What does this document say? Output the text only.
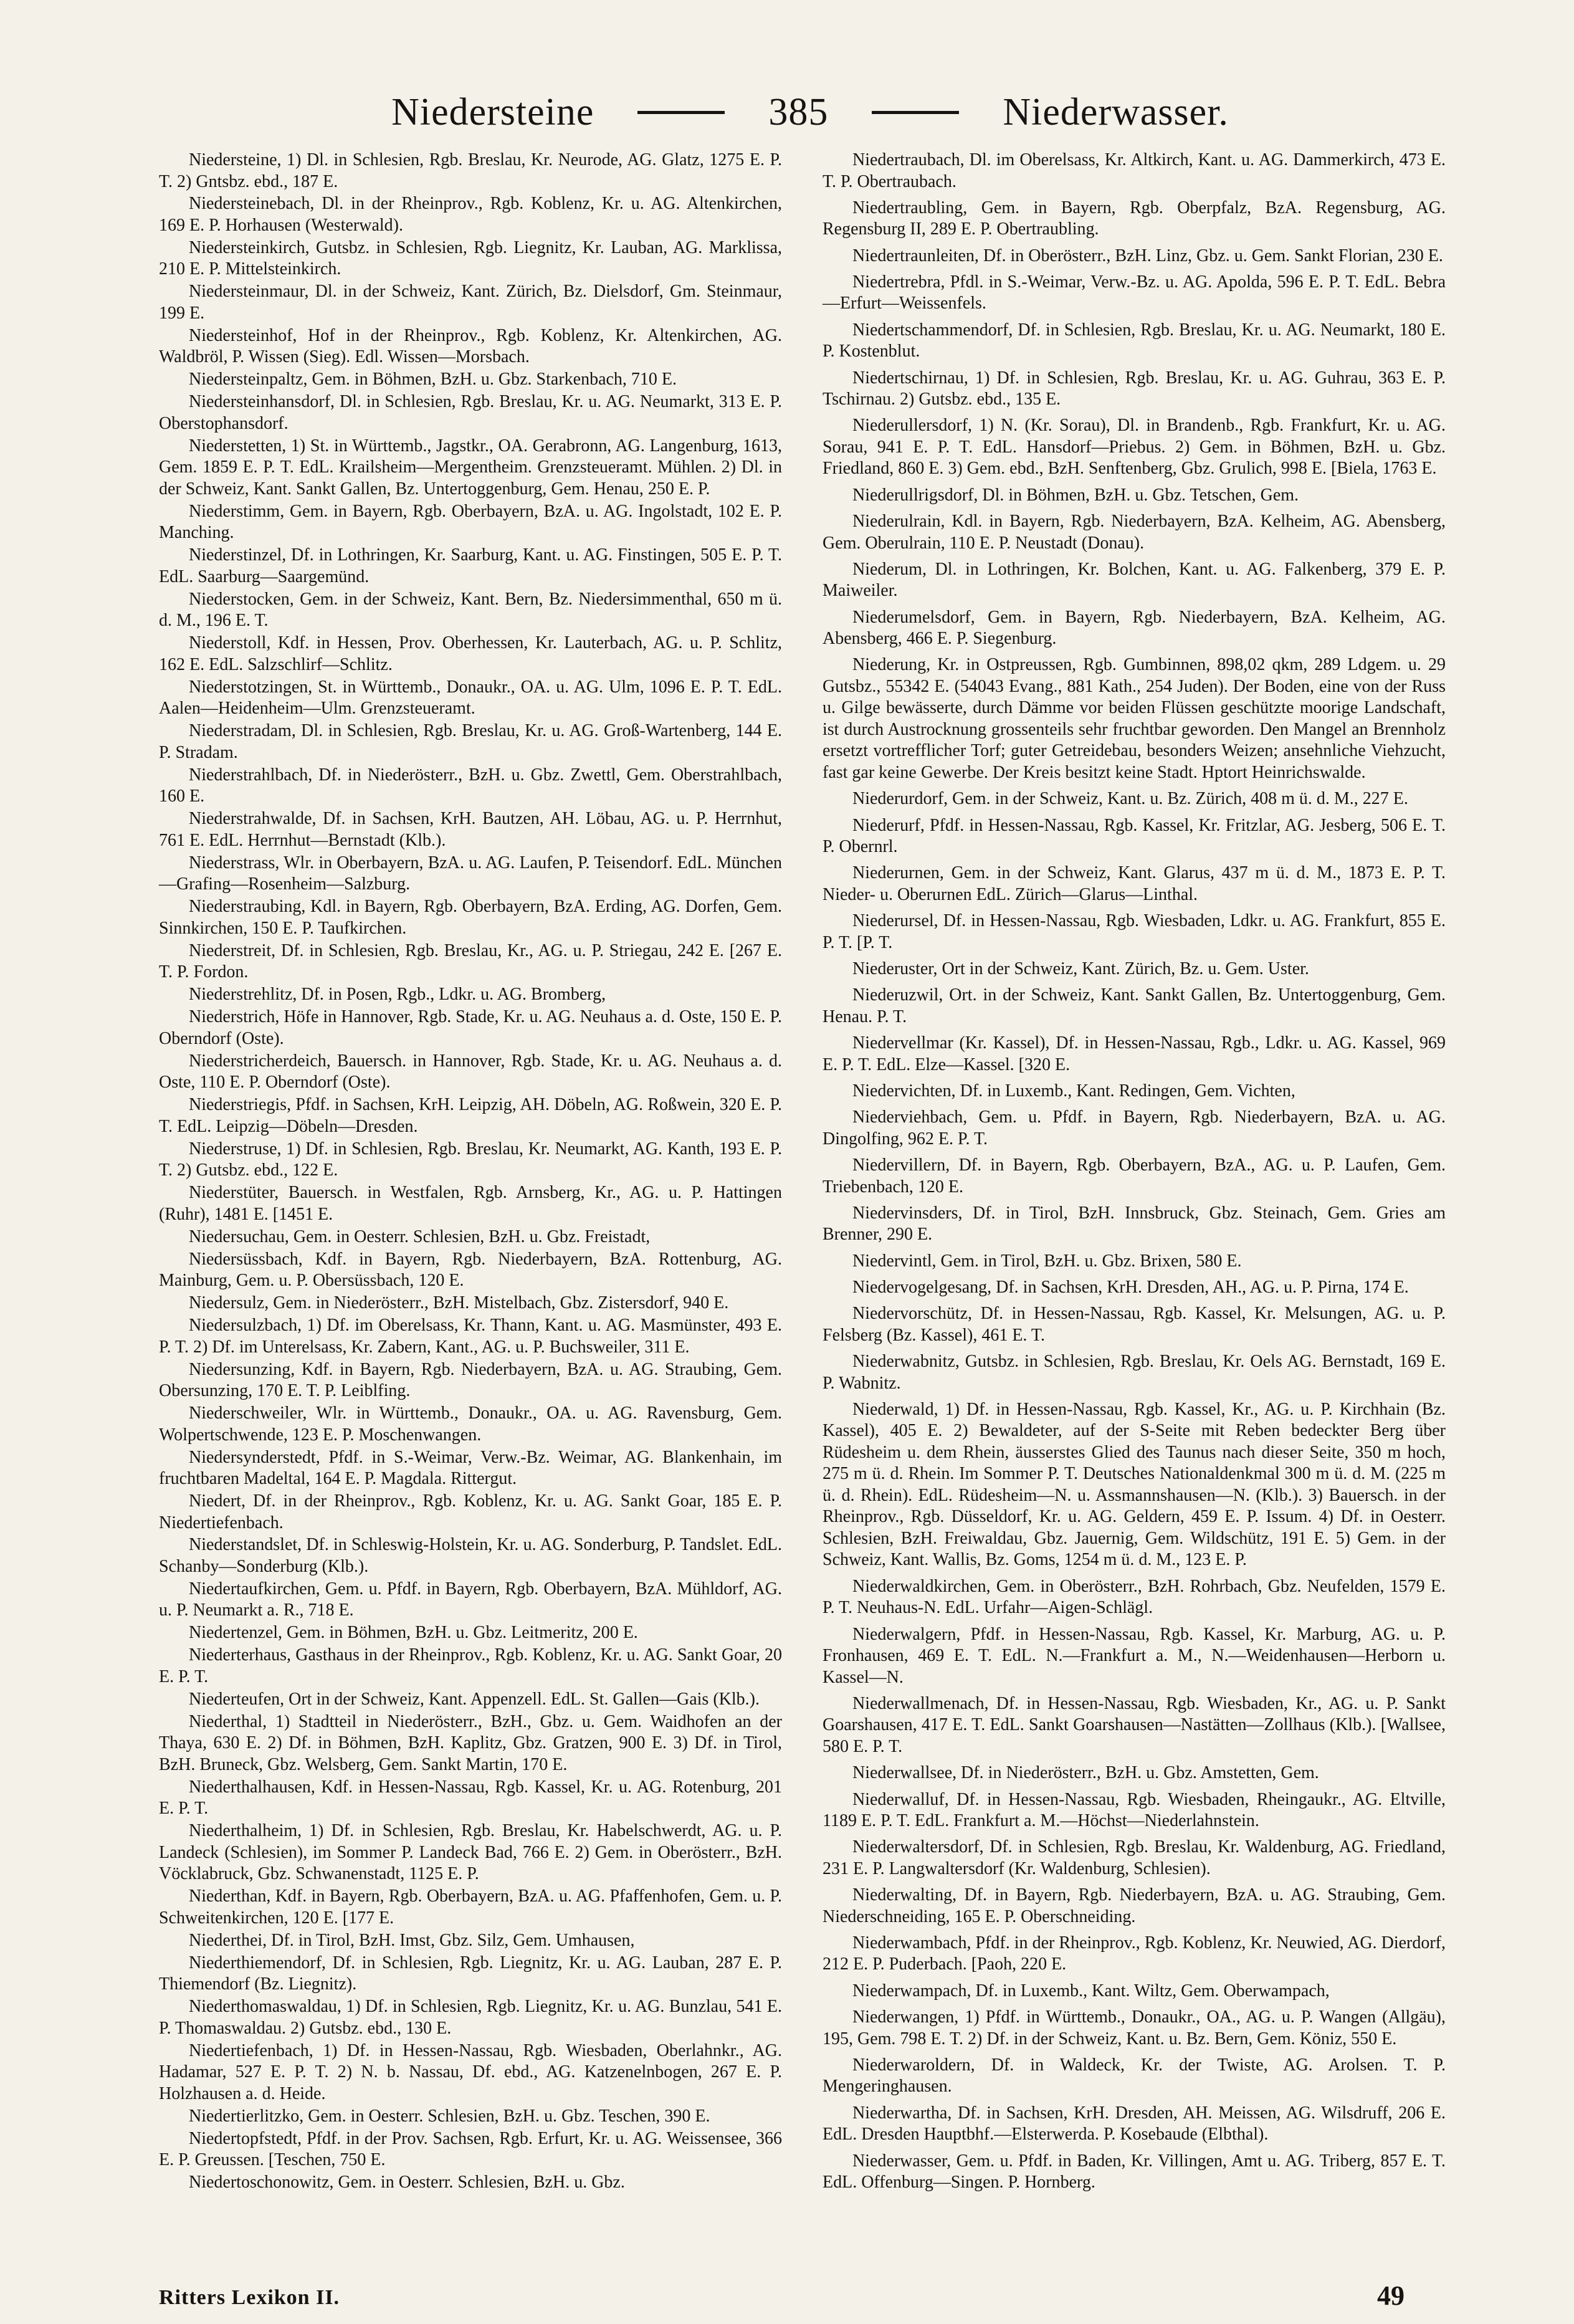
Niedersteine	385	Niederwasser.

Niedersteine, 1) Dl. in Schlesien, Rgb. Breslau, Kr. Neurode, AG. Glatz, 1275 E. P. T. 2) Gntsbz. ebd., 187 E.

Niedersteinebach, Dl. in der Rheinprov., Rgb. Koblenz, Kr. u. AG. Altenkirchen, 169 E. P. Horhausen (Westerwald).

Niedersteinkirch, Gutsbz. in Schlesien, Rgb. Liegnitz, Kr. Lauban, AG. Marklissa, 210 E. P. Mittelsteinkirch.

Niedersteinmaur, Dl. in der Schweiz, Kant. Zürich, Bz. Dielsdorf, Gm. Steinmaur, 199 E.

Niedersteinhof, Hof in der Rheinprov., Rgb. Koblenz, Kr. Altenkirchen, AG. Waldbröl, P. Wissen (Sieg). Edl. Wissen—Morsbach.

Niedersteinpaltz, Gem. in Böhmen, BzH. u. Gbz. Starkenbach, 710 E.

Niedersteinhansdorf, Dl. in Schlesien, Rgb. Breslau, Kr. u. AG. Neumarkt, 313 E. P. Oberstophansdorf.

Niederstetten, 1) St. in Württemb., Jagstkr., OA. Gerabronn, AG. Langenburg, 1613, Gem. 1859 E. P. T. EdL. Krailsheim—Mergentheim. Grenzsteueramt. Mühlen. 2) Dl. in der Schweiz, Kant. Sankt Gallen, Bz. Untertoggenburg, Gem. Henau, 250 E. P.

Niederstimm, Gem. in Bayern, Rgb. Oberbayern, BzA. u. AG. Ingolstadt, 102 E. P. Manching.

Niederstinzel, Df. in Lothringen, Kr. Saarburg, Kant. u. AG. Finstingen, 505 E. P. T. EdL. Saarburg—Saargemünd.

Niederstocken, Gem. in der Schweiz, Kant. Bern, Bz. Niedersimmenthal, 650 m ü. d. M., 196 E. T.

Niederstoll, Kdf. in Hessen, Prov. Oberhessen, Kr. Lauterbach, AG. u. P. Schlitz, 162 E. EdL. Salzschlirf—Schlitz.

Niederstotzingen, St. in Württemb., Donaukr., OA. u. AG. Ulm, 1096 E. P. T. EdL. Aalen—Heidenheim—Ulm. Grenzsteueramt.

Niederstradam, Dl. in Schlesien, Rgb. Breslau, Kr. u. AG. Groß-Wartenberg, 144 E. P. Stradam.

Niederstrahlbach, Df. in Niederösterr., BzH. u. Gbz. Zwettl, Gem. Oberstrahlbach, 160 E.

Niederstrahwalde, Df. in Sachsen, KrH. Bautzen, AH. Löbau, AG. u. P. Herrnhut, 761 E. EdL. Herrnhut—Bernstadt (Klb.).

Niederstrass, Wlr. in Oberbayern, BzA. u. AG. Laufen, P. Teisendorf. EdL. München—Grafing—Rosenheim—Salzburg.

Niederstraubing, Kdl. in Bayern, Rgb. Oberbayern, BzA. Erding, AG. Dorfen, Gem. Sinnkirchen, 150 E. P. Taufkirchen.

Niederstreit, Df. in Schlesien, Rgb. Breslau, Kr., AG. u. P. Striegau, 242 E. [267 E. T. P. Fordon.

Niederstrehlitz, Df. in Posen, Rgb., Ldkr. u. AG. Bromberg,

Niederstrich, Höfe in Hannover, Rgb. Stade, Kr. u. AG. Neuhaus a. d. Oste, 150 E. P. Oberndorf (Oste).

Niederstricherdeich, Bauersch. in Hannover, Rgb. Stade, Kr. u. AG. Neuhaus a. d. Oste, 110 E. P. Oberndorf (Oste).

Niederstriegis, Pfdf. in Sachsen, KrH. Leipzig, AH. Döbeln, AG. Roßwein, 320 E. P. T. EdL. Leipzig—Döbeln—Dresden.

Niederstruse, 1) Df. in Schlesien, Rgb. Breslau, Kr. Neumarkt, AG. Kanth, 193 E. P. T. 2) Gutsbz. ebd., 122 E.

Niederstüter, Bauersch. in Westfalen, Rgb. Arnsberg, Kr., AG. u. P. Hattingen (Ruhr), 1481 E. [1451 E.

Niedersuchau, Gem. in Oesterr. Schlesien, BzH. u. Gbz. Freistadt,

Niedersüssbach, Kdf. in Bayern, Rgb. Niederbayern, BzA. Rottenburg, AG. Mainburg, Gem. u. P. Obersüssbach, 120 E.

Niedersulz, Gem. in Niederösterr., BzH. Mistelbach, Gbz. Zistersdorf, 940 E.

Niedersulzbach, 1) Df. im Oberelsass, Kr. Thann, Kant. u. AG. Masmünster, 493 E. P. T. 2) Df. im Unterelsass, Kr. Zabern, Kant., AG. u. P. Buchsweiler, 311 E.

Niedersunzing, Kdf. in Bayern, Rgb. Niederbayern, BzA. u. AG. Straubing, Gem. Obersunzing, 170 E. T. P. Leiblfing.

Niederschweiler, Wlr. in Württemb., Donaukr., OA. u. AG. Ravensburg, Gem. Wolpertschwende, 123 E. P. Moschenwangen.

Niedersynderstedt, Pfdf. in S.-Weimar, Verw.-Bz. Weimar, AG. Blankenhain, im fruchtbaren Madeltal, 164 E. P. Magdala. Rittergut.

Niedert, Df. in der Rheinprov., Rgb. Koblenz, Kr. u. AG. Sankt Goar, 185 E. P. Niedertiefenbach.

Niederstandslet, Df. in Schleswig-Holstein, Kr. u. AG. Sonderburg, P. Tandslet. EdL. Schanby—Sonderburg (Klb.).

Niedertaufkirchen, Gem. u. Pfdf. in Bayern, Rgb. Oberbayern, BzA. Mühldorf, AG. u. P. Neumarkt a. R., 718 E.

Niedertenzel, Gem. in Böhmen, BzH. u. Gbz. Leitmeritz, 200 E.

Niederterhaus, Gasthaus in der Rheinprov., Rgb. Koblenz, Kr. u. AG. Sankt Goar, 20 E. P. T.

Niederteufen, Ort in der Schweiz, Kant. Appenzell. EdL. St. Gallen—Gais (Klb.).

Niederthal, 1) Stadtteil in Niederösterr., BzH., Gbz. u. Gem. Waidhofen an der Thaya, 630 E. 2) Df. in Böhmen, BzH. Kaplitz, Gbz. Gratzen, 900 E. 3) Df. in Tirol, BzH. Bruneck, Gbz. Welsberg, Gem. Sankt Martin, 170 E.

Niederthalhausen, Kdf. in Hessen-Nassau, Rgb. Kassel, Kr. u. AG. Rotenburg, 201 E. P. T.

Niederthalheim, 1) Df. in Schlesien, Rgb. Breslau, Kr. Habelschwerdt, AG. u. P. Landeck (Schlesien), im Sommer P. Landeck Bad, 766 E. 2) Gem. in Oberösterr., BzH. Vöcklabruck, Gbz. Schwanenstadt, 1125 E. P.

Niederthan, Kdf. in Bayern, Rgb. Oberbayern, BzA. u. AG. Pfaffenhofen, Gem. u. P. Schweitenkirchen, 120 E. [177 E.

Niederthei, Df. in Tirol, BzH. Imst, Gbz. Silz, Gem. Umhausen,

Niederthiemendorf, Df. in Schlesien, Rgb. Liegnitz, Kr. u. AG. Lauban, 287 E. P. Thiemendorf (Bz. Liegnitz).

Niederthomaswaldau, 1) Df. in Schlesien, Rgb. Liegnitz, Kr. u. AG. Bunzlau, 541 E. P. Thomaswaldau. 2) Gutsbz. ebd., 130 E.

Niedertiefenbach, 1) Df. in Hessen-Nassau, Rgb. Wiesbaden, Oberlahnkr., AG. Hadamar, 527 E. P. T. 2) N. b. Nassau, Df. ebd., AG. Katzenelnbogen, 267 E. P. Holzhausen a. d. Heide.

Niedertierlitzko, Gem. in Oesterr. Schlesien, BzH. u. Gbz. Teschen, 390 E.

Niedertopfstedt, Pfdf. in der Prov. Sachsen, Rgb. Erfurt, Kr. u. AG. Weissensee, 366 E. P. Greussen. [Teschen, 750 E.

Niedertoschonowitz, Gem. in Oesterr. Schlesien, BzH. u. Gbz.

Niedertraubach, Dl. im Oberelsass, Kr. Altkirch, Kant. u. AG. Dammerkirch, 473 E. T. P. Obertraubach.

Niedertraubling, Gem. in Bayern, Rgb. Oberpfalz, BzA. Regensburg, AG. Regensburg II, 289 E. P. Obertraubling.

Niedertraunleiten, Df. in Oberösterr., BzH. Linz, Gbz. u. Gem. Sankt Florian, 230 E.

Niedertrebra, Pfdl. in S.-Weimar, Verw.-Bz. u. AG. Apolda, 596 E. P. T. EdL. Bebra—Erfurt—Weissenfels.

Niedertschammendorf, Df. in Schlesien, Rgb. Breslau, Kr. u. AG. Neumarkt, 180 E. P. Kostenblut.

Niedertschirnau, 1) Df. in Schlesien, Rgb. Breslau, Kr. u. AG. Guhrau, 363 E. P. Tschirnau. 2) Gutsbz. ebd., 135 E.

Niederullersdorf, 1) N. (Kr. Sorau), Dl. in Brandenb., Rgb. Frankfurt, Kr. u. AG. Sorau, 941 E. P. T. EdL. Hansdorf—Priebus. 2) Gem. in Böhmen, BzH. u. Gbz. Friedland, 860 E. 3) Gem. ebd., BzH. Senftenberg, Gbz. Grulich, 998 E. [Biela, 1763 E.

Niederullrigsdorf, Dl. in Böhmen, BzH. u. Gbz. Tetschen, Gem.

Niederulrain, Kdl. in Bayern, Rgb. Niederbayern, BzA. Kelheim, AG. Abensberg, Gem. Oberulrain, 110 E. P. Neustadt (Donau).

Niederum, Dl. in Lothringen, Kr. Bolchen, Kant. u. AG. Falkenberg, 379 E. P. Maiweiler.

Niederumelsdorf, Gem. in Bayern, Rgb. Niederbayern, BzA. Kelheim, AG. Abensberg, 466 E. P. Siegenburg.

Niederung, Kr. in Ostpreussen, Rgb. Gumbinnen, 898,02 qkm, 289 Ldgem. u. 29 Gutsbz., 55342 E. (54043 Evang., 881 Kath., 254 Juden). Der Boden, eine von der Russ u. Gilge bewässerte, durch Dämme vor beiden Flüssen geschützte moorige Landschaft, ist durch Austrocknung grossenteils sehr fruchtbar geworden. Den Mangel an Brennholz ersetzt vortrefflicher Torf; guter Getreidebau, besonders Weizen; ansehnliche Viehzucht, fast gar keine Gewerbe. Der Kreis besitzt keine Stadt. Hptort Heinrichswalde.

Niederurdorf, Gem. in der Schweiz, Kant. u. Bz. Zürich, 408 m ü. d. M., 227 E.

Niederurf, Pfdf. in Hessen-Nassau, Rgb. Kassel, Kr. Fritzlar, AG. Jesberg, 506 E. T. P. Obernrl.

Niederurnen, Gem. in der Schweiz, Kant. Glarus, 437 m ü. d. M., 1873 E. P. T. Nieder- u. Oberurnen EdL. Zürich—Glarus—Linthal.

Niederursel, Df. in Hessen-Nassau, Rgb. Wiesbaden, Ldkr. u. AG. Frankfurt, 855 E. P. T. [P. T.

Niederuster, Ort in der Schweiz, Kant. Zürich, Bz. u. Gem. Uster.

Niederuzwil, Ort. in der Schweiz, Kant. Sankt Gallen, Bz. Untertoggenburg, Gem. Henau. P. T.

Niedervellmar (Kr. Kassel), Df. in Hessen-Nassau, Rgb., Ldkr. u. AG. Kassel, 969 E. P. T. EdL. Elze—Kassel. [320 E.

Niedervichten, Df. in Luxemb., Kant. Redingen, Gem. Vichten,

Niederviehbach, Gem. u. Pfdf. in Bayern, Rgb. Niederbayern, BzA. u. AG. Dingolfing, 962 E. P. T.

Niedervillern, Df. in Bayern, Rgb. Oberbayern, BzA., AG. u. P. Laufen, Gem. Triebenbach, 120 E.

Niedervinsders, Df. in Tirol, BzH. Innsbruck, Gbz. Steinach, Gem. Gries am Brenner, 290 E.

Niedervintl, Gem. in Tirol, BzH. u. Gbz. Brixen, 580 E.

Niedervogelgesang, Df. in Sachsen, KrH. Dresden, AH., AG. u. P. Pirna, 174 E.

Niedervorschütz, Df. in Hessen-Nassau, Rgb. Kassel, Kr. Melsungen, AG. u. P. Felsberg (Bz. Kassel), 461 E. T.

Niederwabnitz, Gutsbz. in Schlesien, Rgb. Breslau, Kr. Oels AG. Bernstadt, 169 E. P. Wabnitz.

Niederwald, 1) Df. in Hessen-Nassau, Rgb. Kassel, Kr., AG. u. P. Kirchhain (Bz. Kassel), 405 E. 2) Bewaldeter, auf der S-Seite mit Reben bedeckter Berg über Rüdesheim u. dem Rhein, äusserstes Glied des Taunus nach dieser Seite, 350 m hoch, 275 m ü. d. Rhein. Im Sommer P. T. Deutsches Nationaldenkmal 300 m ü. d. M. (225 m ü. d. Rhein). EdL. Rüdesheim—N. u. Assmannshausen—N. (Klb.). 3) Bauersch. in der Rheinprov., Rgb. Düsseldorf, Kr. u. AG. Geldern, 459 E. P. Issum. 4) Df. in Oesterr. Schlesien, BzH. Freiwaldau, Gbz. Jauernig, Gem. Wildschütz, 191 E. 5) Gem. in der Schweiz, Kant. Wallis, Bz. Goms, 1254 m ü. d. M., 123 E. P.

Niederwaldkirchen, Gem. in Oberösterr., BzH. Rohrbach, Gbz. Neufelden, 1579 E. P. T. Neuhaus-N. EdL. Urfahr—Aigen-Schlägl.

Niederwalgern, Pfdf. in Hessen-Nassau, Rgb. Kassel, Kr. Marburg, AG. u. P. Fronhausen, 469 E. T. EdL. N.—Frankfurt a. M., N.—Weidenhausen—Herborn u. Kassel—N.

Niederwallmenach, Df. in Hessen-Nassau, Rgb. Wiesbaden, Kr., AG. u. P. Sankt Goarshausen, 417 E. T. EdL. Sankt Goarshausen—Nastätten—Zollhaus (Klb.). [Wallsee, 580 E. P. T.

Niederwallsee, Df. in Niederösterr., BzH. u. Gbz. Amstetten, Gem.

Niederwalluf, Df. in Hessen-Nassau, Rgb. Wiesbaden, Rheingaukr., AG. Eltville, 1189 E. P. T. EdL. Frankfurt a. M.—Höchst—Niederlahnstein.

Niederwaltersdorf, Df. in Schlesien, Rgb. Breslau, Kr. Waldenburg, AG. Friedland, 231 E. P. Langwaltersdorf (Kr. Waldenburg, Schlesien).

Niederwalting, Df. in Bayern, Rgb. Niederbayern, BzA. u. AG. Straubing, Gem. Niederschneiding, 165 E. P. Oberschneiding.

Niederwambach, Pfdf. in der Rheinprov., Rgb. Koblenz, Kr. Neuwied, AG. Dierdorf, 212 E. P. Puderbach. [Paoh, 220 E.

Niederwampach, Df. in Luxemb., Kant. Wiltz, Gem. Oberwampach,

Niederwangen, 1) Pfdf. in Württemb., Donaukr., OA., AG. u. P. Wangen (Allgäu), 195, Gem. 798 E. T. 2) Df. in der Schweiz, Kant. u. Bz. Bern, Gem. Köniz, 550 E.

Niederwaroldern, Df. in Waldeck, Kr. der Twiste, AG. Arolsen. T. P. Mengeringhausen.

Niederwartha, Df. in Sachsen, KrH. Dresden, AH. Meissen, AG. Wilsdruff, 206 E. EdL. Dresden Hauptbhf.—Elsterwerda. P. Kosebaude (Elbthal).

Niederwasser, Gem. u. Pfdf. in Baden, Kr. Villingen, Amt u. AG. Triberg, 857 E. T. EdL. Offenburg—Singen. P. Hornberg.

Ritters Lexikon II.	49
